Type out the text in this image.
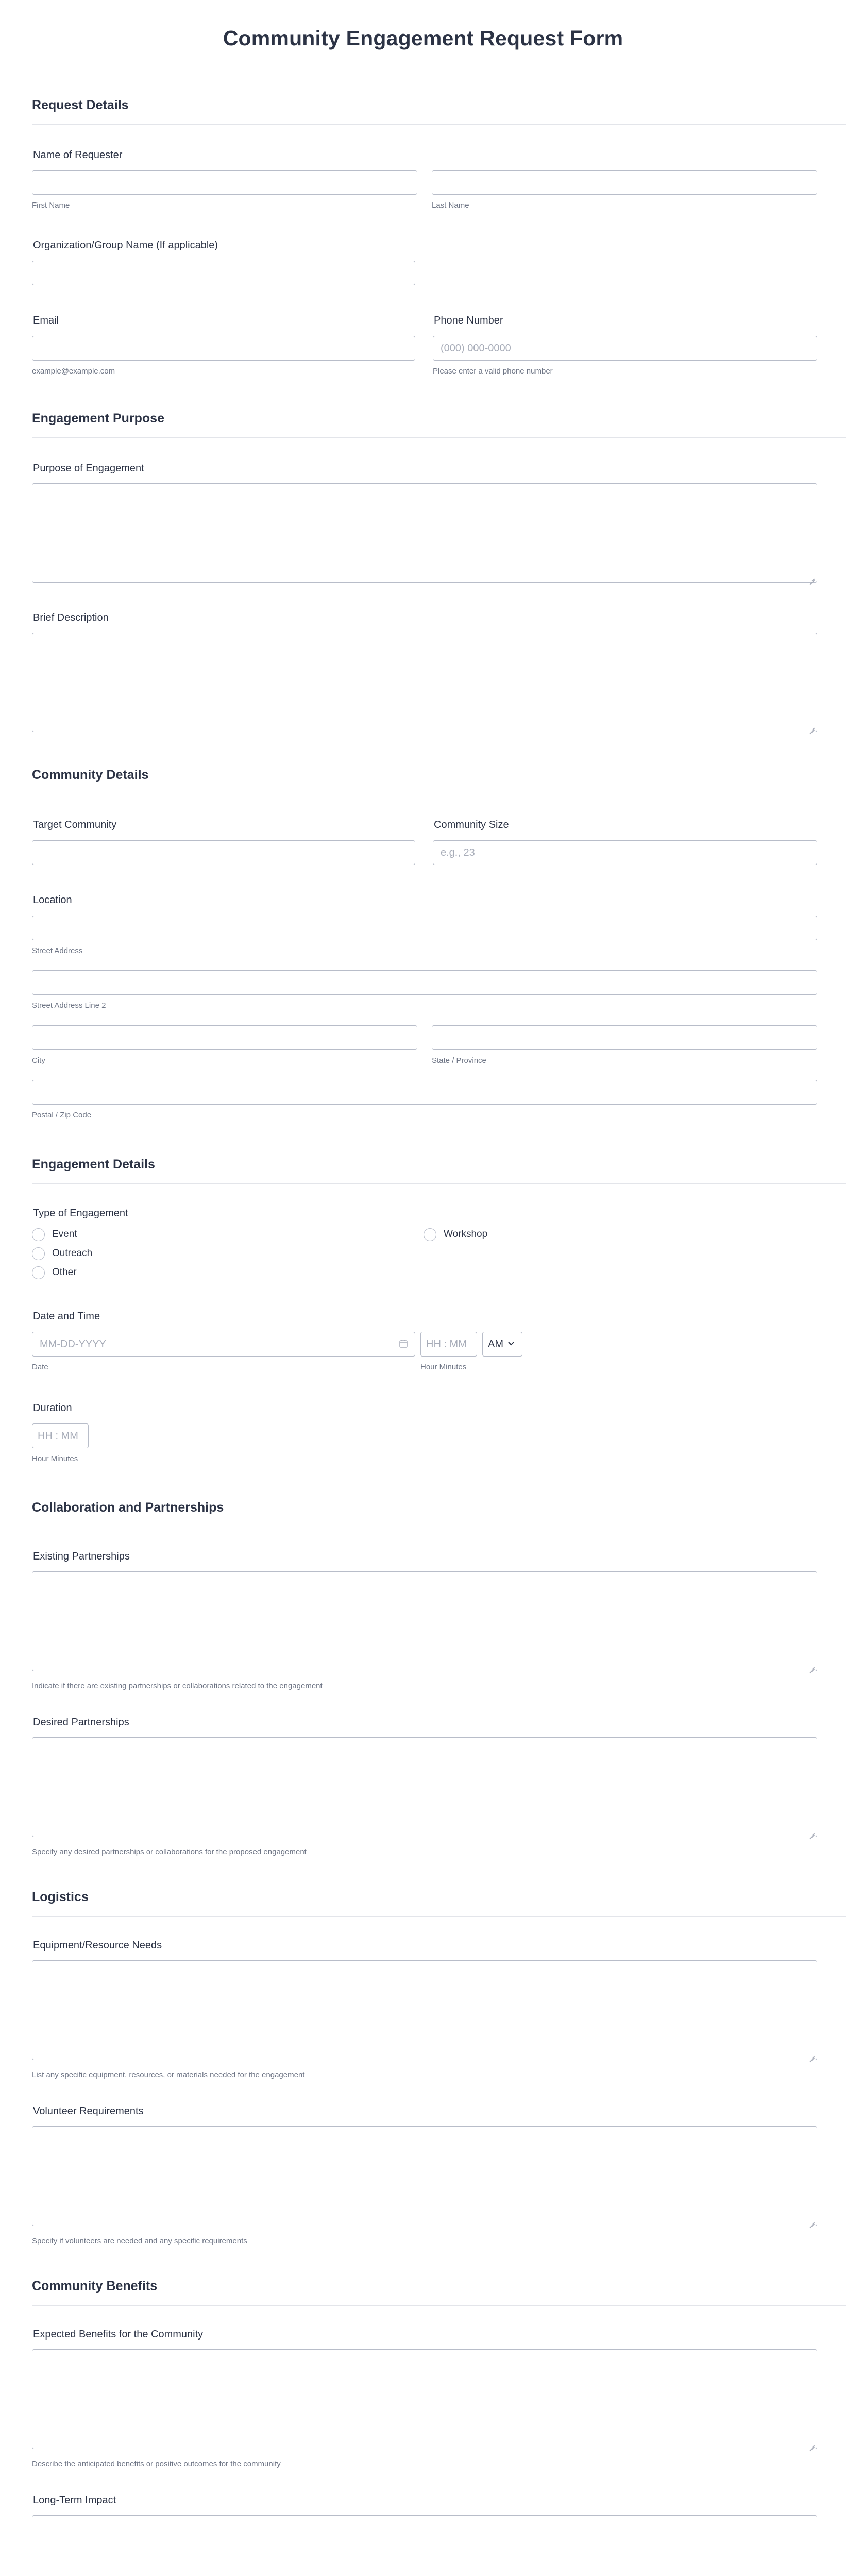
Community Engagement Request Form
Request Details
Name of Requester
First Name	Last Name
Organization/Group Name (If applicable)
Email
example@example.com
Phone Number
(000) 000-0000
Please enter a valid phone number
Engagement Purpose
Purpose of Engagement
Brief Description
Community Details
Target Community	Community Size
e.g., 23
Location
Street Address
Street Address Line 2
City	State / Province
Postal / Zip Code
Engagement Details
Type of Engagement
Event	Workshop
Outreach
Other
Date and Time
MM-DD-YYYY
Date
HH : MM	Hour Minutes
AM
Duration
HH : MM
Hour Minutes
Collaboration and Partnerships
Existing Partnerships
Indicate if there are existing partnerships or collaborations related to the engagement
Desired Partnerships
Specify any desired partnerships or collaborations for the proposed engagement
Logistics
Equipment/Resource Needs
List any specific equipment, resources, or materials needed for the engagement
Volunteer Requirements
Specify if volunteers are needed and any specific requirements
Community Benefits
Expected Benefits for the Community
Describe the anticipated benefits or positive outcomes for the community
Long-Term Impact
